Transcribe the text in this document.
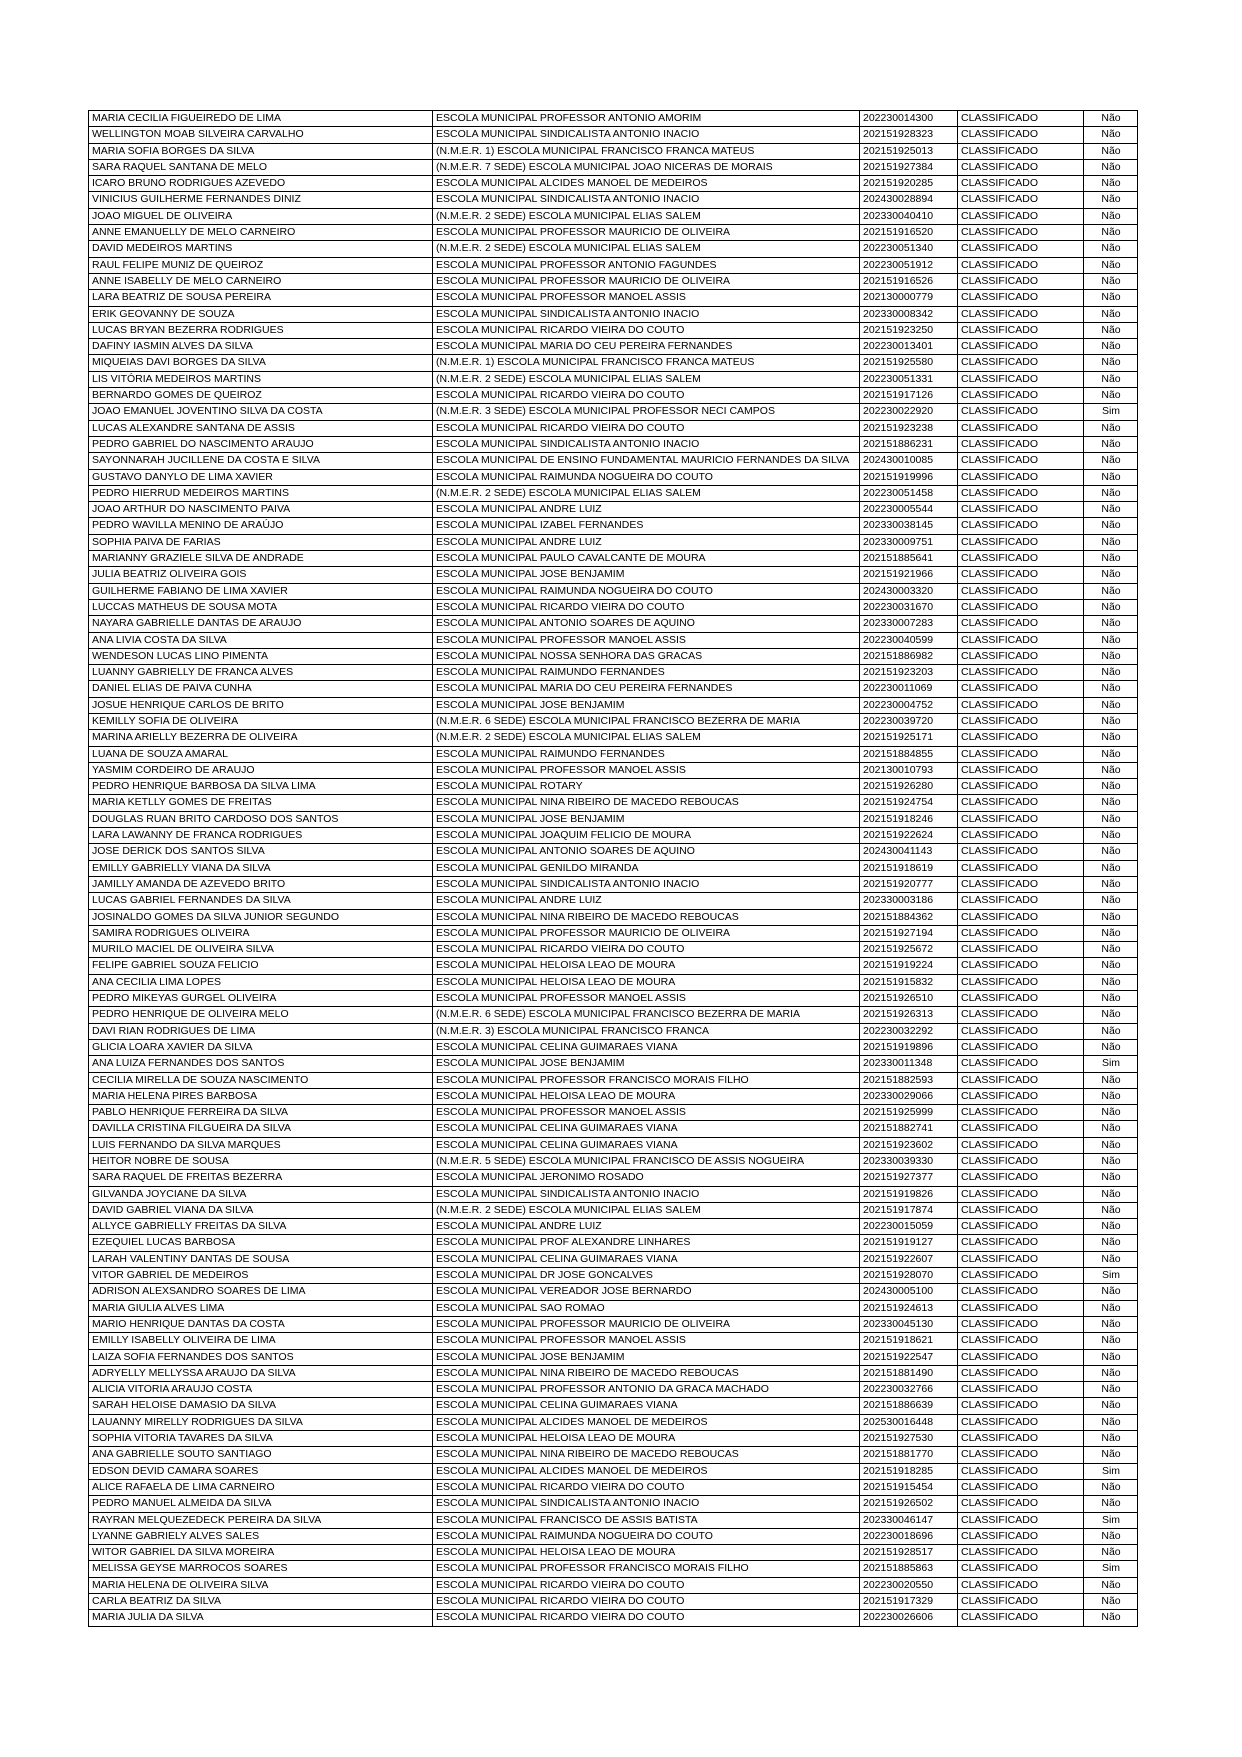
MARIA CECILIA FIGUEIREDO DE LIMA	ESCOLA MUNICIPAL PROFESSOR ANTONIO AMORIM	202230014300	CLASSIFICADO	Não
WELLINGTON MOAB SILVEIRA CARVALHO	ESCOLA MUNICIPAL SINDICALISTA ANTONIO INACIO	202151928323	CLASSIFICADO	Não
MARIA SOFIA BORGES DA SILVA	(N.M.E.R. 1) ESCOLA MUNICIPAL FRANCISCO FRANCA MATEUS	202151925013	CLASSIFICADO	Não
SARA RAQUEL SANTANA DE MELO	(N.M.E.R. 7 SEDE) ESCOLA MUNICIPAL JOAO NICERAS DE MORAIS	202151927384	CLASSIFICADO	Não
ICARO BRUNO RODRIGUES AZEVEDO	ESCOLA MUNICIPAL ALCIDES MANOEL DE MEDEIROS	202151920285	CLASSIFICADO	Não
VINICIUS GUILHERME FERNANDES DINIZ	ESCOLA MUNICIPAL SINDICALISTA ANTONIO INACIO	202430028894	CLASSIFICADO	Não
JOAO MIGUEL DE OLIVEIRA	(N.M.E.R. 2 SEDE) ESCOLA MUNICIPAL ELIAS SALEM	202330040410	CLASSIFICADO	Não
ANNE EMANUELLY DE MELO CARNEIRO	ESCOLA MUNICIPAL PROFESSOR MAURICIO DE OLIVEIRA	202151916520	CLASSIFICADO	Não
DAVID MEDEIROS MARTINS	(N.M.E.R. 2 SEDE) ESCOLA MUNICIPAL ELIAS SALEM	202230051340	CLASSIFICADO	Não
RAUL FELIPE MUNIZ DE QUEIROZ	ESCOLA MUNICIPAL PROFESSOR ANTONIO FAGUNDES	202230051912	CLASSIFICADO	Não
ANNE ISABELLY DE MELO CARNEIRO	ESCOLA MUNICIPAL PROFESSOR MAURICIO DE OLIVEIRA	202151916526	CLASSIFICADO	Não
LARA BEATRIZ DE SOUSA PEREIRA	ESCOLA MUNICIPAL PROFESSOR MANOEL ASSIS	202130000779	CLASSIFICADO	Não
ERIK GEOVANNY DE SOUZA	ESCOLA MUNICIPAL SINDICALISTA ANTONIO INACIO	202330008342	CLASSIFICADO	Não
LUCAS BRYAN BEZERRA RODRIGUES	ESCOLA MUNICIPAL RICARDO VIEIRA DO COUTO	202151923250	CLASSIFICADO	Não
DAFINY IASMIN ALVES DA SILVA	ESCOLA MUNICIPAL MARIA DO CEU PEREIRA FERNANDES	202230013401	CLASSIFICADO	Não
MIQUEIAS DAVI BORGES DA SILVA	(N.M.E.R. 1) ESCOLA MUNICIPAL FRANCISCO FRANCA MATEUS	202151925580	CLASSIFICADO	Não
LIS VITÓRIA MEDEIROS MARTINS	(N.M.E.R. 2 SEDE) ESCOLA MUNICIPAL ELIAS SALEM	202230051331	CLASSIFICADO	Não
BERNARDO GOMES DE QUEIROZ	ESCOLA MUNICIPAL RICARDO VIEIRA DO COUTO	202151917126	CLASSIFICADO	Não
JOAO EMANUEL JOVENTINO SILVA DA COSTA	(N.M.E.R. 3 SEDE) ESCOLA MUNICIPAL PROFESSOR NECI CAMPOS	202230022920	CLASSIFICADO	Sim
LUCAS ALEXANDRE SANTANA DE ASSIS	ESCOLA MUNICIPAL RICARDO VIEIRA DO COUTO	202151923238	CLASSIFICADO	Não
PEDRO GABRIEL DO NASCIMENTO ARAUJO	ESCOLA MUNICIPAL SINDICALISTA ANTONIO INACIO	202151886231	CLASSIFICADO	Não
SAYONNARAH JUCILLENE DA COSTA E SILVA	ESCOLA MUNICIPAL DE ENSINO FUNDAMENTAL MAURICIO FERNANDES DA SILVA	202430010085	CLASSIFICADO	Não
GUSTAVO DANYLO DE LIMA XAVIER	ESCOLA MUNICIPAL RAIMUNDA NOGUEIRA DO COUTO	202151919996	CLASSIFICADO	Não
PEDRO HIERRUD MEDEIROS MARTINS	(N.M.E.R. 2 SEDE) ESCOLA MUNICIPAL ELIAS SALEM	202230051458	CLASSIFICADO	Não
JOAO ARTHUR DO NASCIMENTO PAIVA	ESCOLA MUNICIPAL ANDRE LUIZ	202230005544	CLASSIFICADO	Não
PEDRO WAVILLA MENINO DE ARAÚJO	ESCOLA MUNICIPAL IZABEL FERNANDES	202330038145	CLASSIFICADO	Não
SOPHIA PAIVA DE FARIAS	ESCOLA MUNICIPAL ANDRE LUIZ	202330009751	CLASSIFICADO	Não
MARIANNY GRAZIELE SILVA DE ANDRADE	ESCOLA MUNICIPAL PAULO CAVALCANTE DE MOURA	202151885641	CLASSIFICADO	Não
JULIA BEATRIZ OLIVEIRA GOIS	ESCOLA MUNICIPAL JOSE BENJAMIM	202151921966	CLASSIFICADO	Não
GUILHERME FABIANO DE LIMA XAVIER	ESCOLA MUNICIPAL RAIMUNDA NOGUEIRA DO COUTO	202430003320	CLASSIFICADO	Não
LUCCAS MATHEUS DE SOUSA MOTA	ESCOLA MUNICIPAL RICARDO VIEIRA DO COUTO	202230031670	CLASSIFICADO	Não
NAYARA GABRIELLE DANTAS DE ARAUJO	ESCOLA MUNICIPAL ANTONIO SOARES DE AQUINO	202330007283	CLASSIFICADO	Não
ANA LIVIA COSTA DA SILVA	ESCOLA MUNICIPAL PROFESSOR MANOEL ASSIS	202230040599	CLASSIFICADO	Não
WENDESON LUCAS LINO PIMENTA	ESCOLA MUNICIPAL NOSSA SENHORA DAS GRACAS	202151886982	CLASSIFICADO	Não
LUANNY GABRIELLY DE FRANCA ALVES	ESCOLA MUNICIPAL RAIMUNDO FERNANDES	202151923203	CLASSIFICADO	Não
DANIEL ELIAS DE PAIVA CUNHA	ESCOLA MUNICIPAL MARIA DO CEU PEREIRA FERNANDES	202230011069	CLASSIFICADO	Não
JOSUE HENRIQUE CARLOS DE BRITO	ESCOLA MUNICIPAL JOSE BENJAMIM	202230004752	CLASSIFICADO	Não
KEMILLY SOFIA DE OLIVEIRA	(N.M.E.R. 6 SEDE) ESCOLA MUNICIPAL FRANCISCO BEZERRA DE MARIA	202230039720	CLASSIFICADO	Não
MARINA ARIELLY BEZERRA DE OLIVEIRA	(N.M.E.R. 2 SEDE) ESCOLA MUNICIPAL ELIAS SALEM	202151925171	CLASSIFICADO	Não
LUANA DE SOUZA AMARAL	ESCOLA MUNICIPAL RAIMUNDO FERNANDES	202151884855	CLASSIFICADO	Não
YASMIM CORDEIRO DE ARAUJO	ESCOLA MUNICIPAL PROFESSOR MANOEL ASSIS	202130010793	CLASSIFICADO	Não
PEDRO HENRIQUE BARBOSA DA SILVA LIMA	ESCOLA MUNICIPAL ROTARY	202151926280	CLASSIFICADO	Não
MARIA KETLLY GOMES DE FREITAS	ESCOLA MUNICIPAL NINA RIBEIRO DE MACEDO REBOUCAS	202151924754	CLASSIFICADO	Não
DOUGLAS RUAN BRITO CARDOSO DOS SANTOS	ESCOLA MUNICIPAL JOSE BENJAMIM	202151918246	CLASSIFICADO	Não
LARA LAWANNY DE FRANCA RODRIGUES	ESCOLA MUNICIPAL JOAQUIM FELICIO DE MOURA	202151922624	CLASSIFICADO	Não
JOSE DERICK DOS SANTOS SILVA	ESCOLA MUNICIPAL ANTONIO SOARES DE AQUINO	202430041143	CLASSIFICADO	Não
EMILLY GABRIELLY VIANA DA SILVA	ESCOLA MUNICIPAL GENILDO MIRANDA	202151918619	CLASSIFICADO	Não
JAMILLY AMANDA DE AZEVEDO BRITO	ESCOLA MUNICIPAL SINDICALISTA ANTONIO INACIO	202151920777	CLASSIFICADO	Não
LUCAS GABRIEL FERNANDES DA SILVA	ESCOLA MUNICIPAL ANDRE LUIZ	202330003186	CLASSIFICADO	Não
JOSINALDO GOMES DA SILVA JUNIOR SEGUNDO	ESCOLA MUNICIPAL NINA RIBEIRO DE MACEDO REBOUCAS	202151884362	CLASSIFICADO	Não
SAMIRA RODRIGUES OLIVEIRA	ESCOLA MUNICIPAL PROFESSOR MAURICIO DE OLIVEIRA	202151927194	CLASSIFICADO	Não
MURILO MACIEL DE OLIVEIRA SILVA	ESCOLA MUNICIPAL RICARDO VIEIRA DO COUTO	202151925672	CLASSIFICADO	Não
FELIPE GABRIEL SOUZA FELICIO	ESCOLA MUNICIPAL HELOISA LEAO DE MOURA	202151919224	CLASSIFICADO	Não
ANA CECILIA LIMA LOPES	ESCOLA MUNICIPAL HELOISA LEAO DE MOURA	202151915832	CLASSIFICADO	Não
PEDRO MIKEYAS GURGEL OLIVEIRA	ESCOLA MUNICIPAL PROFESSOR MANOEL ASSIS	202151926510	CLASSIFICADO	Não
PEDRO HENRIQUE DE OLIVEIRA MELO	(N.M.E.R. 6 SEDE) ESCOLA MUNICIPAL FRANCISCO BEZERRA DE MARIA	202151926313	CLASSIFICADO	Não
DAVI RIAN RODRIGUES DE LIMA	(N.M.E.R. 3) ESCOLA MUNICIPAL FRANCISCO FRANCA	202230032292	CLASSIFICADO	Não
GLICIA LOARA XAVIER DA SILVA	ESCOLA MUNICIPAL CELINA GUIMARAES VIANA	202151919896	CLASSIFICADO	Não
ANA LUIZA FERNANDES DOS SANTOS	ESCOLA MUNICIPAL JOSE BENJAMIM	202330011348	CLASSIFICADO	Sim
CECILIA MIRELLA DE SOUZA NASCIMENTO	ESCOLA MUNICIPAL PROFESSOR FRANCISCO MORAIS FILHO	202151882593	CLASSIFICADO	Não
MARIA HELENA PIRES BARBOSA	ESCOLA MUNICIPAL HELOISA LEAO DE MOURA	202330029066	CLASSIFICADO	Não
PABLO HENRIQUE FERREIRA DA SILVA	ESCOLA MUNICIPAL PROFESSOR MANOEL ASSIS	202151925999	CLASSIFICADO	Não
DAVILLA CRISTINA FILGUEIRA DA SILVA	ESCOLA MUNICIPAL CELINA GUIMARAES VIANA	202151882741	CLASSIFICADO	Não
LUIS FERNANDO DA SILVA MARQUES	ESCOLA MUNICIPAL CELINA GUIMARAES VIANA	202151923602	CLASSIFICADO	Não
HEITOR NOBRE DE SOUSA	(N.M.E.R. 5 SEDE) ESCOLA MUNICIPAL FRANCISCO DE ASSIS NOGUEIRA	202330039330	CLASSIFICADO	Não
SARA RAQUEL DE FREITAS BEZERRA	ESCOLA MUNICIPAL JERONIMO ROSADO	202151927377	CLASSIFICADO	Não
GILVANDA JOYCIANE DA SILVA	ESCOLA MUNICIPAL SINDICALISTA ANTONIO INACIO	202151919826	CLASSIFICADO	Não
DAVID GABRIEL VIANA DA SILVA	(N.M.E.R. 2 SEDE) ESCOLA MUNICIPAL ELIAS SALEM	202151917874	CLASSIFICADO	Não
ALLYCE GABRIELLY FREITAS DA SILVA	ESCOLA MUNICIPAL ANDRE LUIZ	202230015059	CLASSIFICADO	Não
EZEQUIEL LUCAS BARBOSA	ESCOLA MUNICIPAL PROF ALEXANDRE LINHARES	202151919127	CLASSIFICADO	Não
LARAH VALENTINY DANTAS DE SOUSA	ESCOLA MUNICIPAL CELINA GUIMARAES VIANA	202151922607	CLASSIFICADO	Não
VITOR GABRIEL DE MEDEIROS	ESCOLA MUNICIPAL DR JOSE GONCALVES	202151928070	CLASSIFICADO	Sim
ADRISON ALEXSANDRO SOARES DE LIMA	ESCOLA MUNICIPAL VEREADOR JOSE BERNARDO	202430005100	CLASSIFICADO	Não
MARIA GIULIA ALVES LIMA	ESCOLA MUNICIPAL SAO ROMAO	202151924613	CLASSIFICADO	Não
MARIO HENRIQUE DANTAS DA COSTA	ESCOLA MUNICIPAL PROFESSOR MAURICIO DE OLIVEIRA	202330045130	CLASSIFICADO	Não
EMILLY ISABELLY OLIVEIRA DE LIMA	ESCOLA MUNICIPAL PROFESSOR MANOEL ASSIS	202151918621	CLASSIFICADO	Não
LAIZA SOFIA FERNANDES DOS SANTOS	ESCOLA MUNICIPAL JOSE BENJAMIM	202151922547	CLASSIFICADO	Não
ADRYELLY MELLYSSA ARAUJO DA SILVA	ESCOLA MUNICIPAL NINA RIBEIRO DE MACEDO REBOUCAS	202151881490	CLASSIFICADO	Não
ALICIA VITORIA ARAUJO COSTA	ESCOLA MUNICIPAL PROFESSOR ANTONIO DA GRACA MACHADO	202230032766	CLASSIFICADO	Não
SARAH HELOISE DAMASIO DA SILVA	ESCOLA MUNICIPAL CELINA GUIMARAES VIANA	202151886639	CLASSIFICADO	Não
LAUANNY MIRELLY RODRIGUES DA SILVA	ESCOLA MUNICIPAL ALCIDES MANOEL DE MEDEIROS	202530016448	CLASSIFICADO	Não
SOPHIA VITORIA TAVARES DA SILVA	ESCOLA MUNICIPAL HELOISA LEAO DE MOURA	202151927530	CLASSIFICADO	Não
ANA GABRIELLE SOUTO SANTIAGO	ESCOLA MUNICIPAL NINA RIBEIRO DE MACEDO REBOUCAS	202151881770	CLASSIFICADO	Não
EDSON DEVID CAMARA SOARES	ESCOLA MUNICIPAL ALCIDES MANOEL DE MEDEIROS	202151918285	CLASSIFICADO	Sim
ALICE RAFAELA DE LIMA CARNEIRO	ESCOLA MUNICIPAL RICARDO VIEIRA DO COUTO	202151915454	CLASSIFICADO	Não
PEDRO MANUEL ALMEIDA DA SILVA	ESCOLA MUNICIPAL SINDICALISTA ANTONIO INACIO	202151926502	CLASSIFICADO	Não
RAYRAN MELQUEZEDECK PEREIRA DA SILVA	ESCOLA MUNICIPAL FRANCISCO DE ASSIS BATISTA	202330046147	CLASSIFICADO	Sim
LYANNE GABRIELY ALVES SALES	ESCOLA MUNICIPAL RAIMUNDA NOGUEIRA DO COUTO	202230018696	CLASSIFICADO	Não
WITOR GABRIEL DA SILVA MOREIRA	ESCOLA MUNICIPAL HELOISA LEAO DE MOURA	202151928517	CLASSIFICADO	Não
MELISSA GEYSE MARROCOS SOARES	ESCOLA MUNICIPAL PROFESSOR FRANCISCO MORAIS FILHO	202151885863	CLASSIFICADO	Sim
MARIA HELENA DE OLIVEIRA SILVA	ESCOLA MUNICIPAL RICARDO VIEIRA DO COUTO	202230020550	CLASSIFICADO	Não
CARLA BEATRIZ DA SILVA	ESCOLA MUNICIPAL RICARDO VIEIRA DO COUTO	202151917329	CLASSIFICADO	Não
MARIA JULIA DA SILVA	ESCOLA MUNICIPAL RICARDO VIEIRA DO COUTO	202230026606	CLASSIFICADO	Não
